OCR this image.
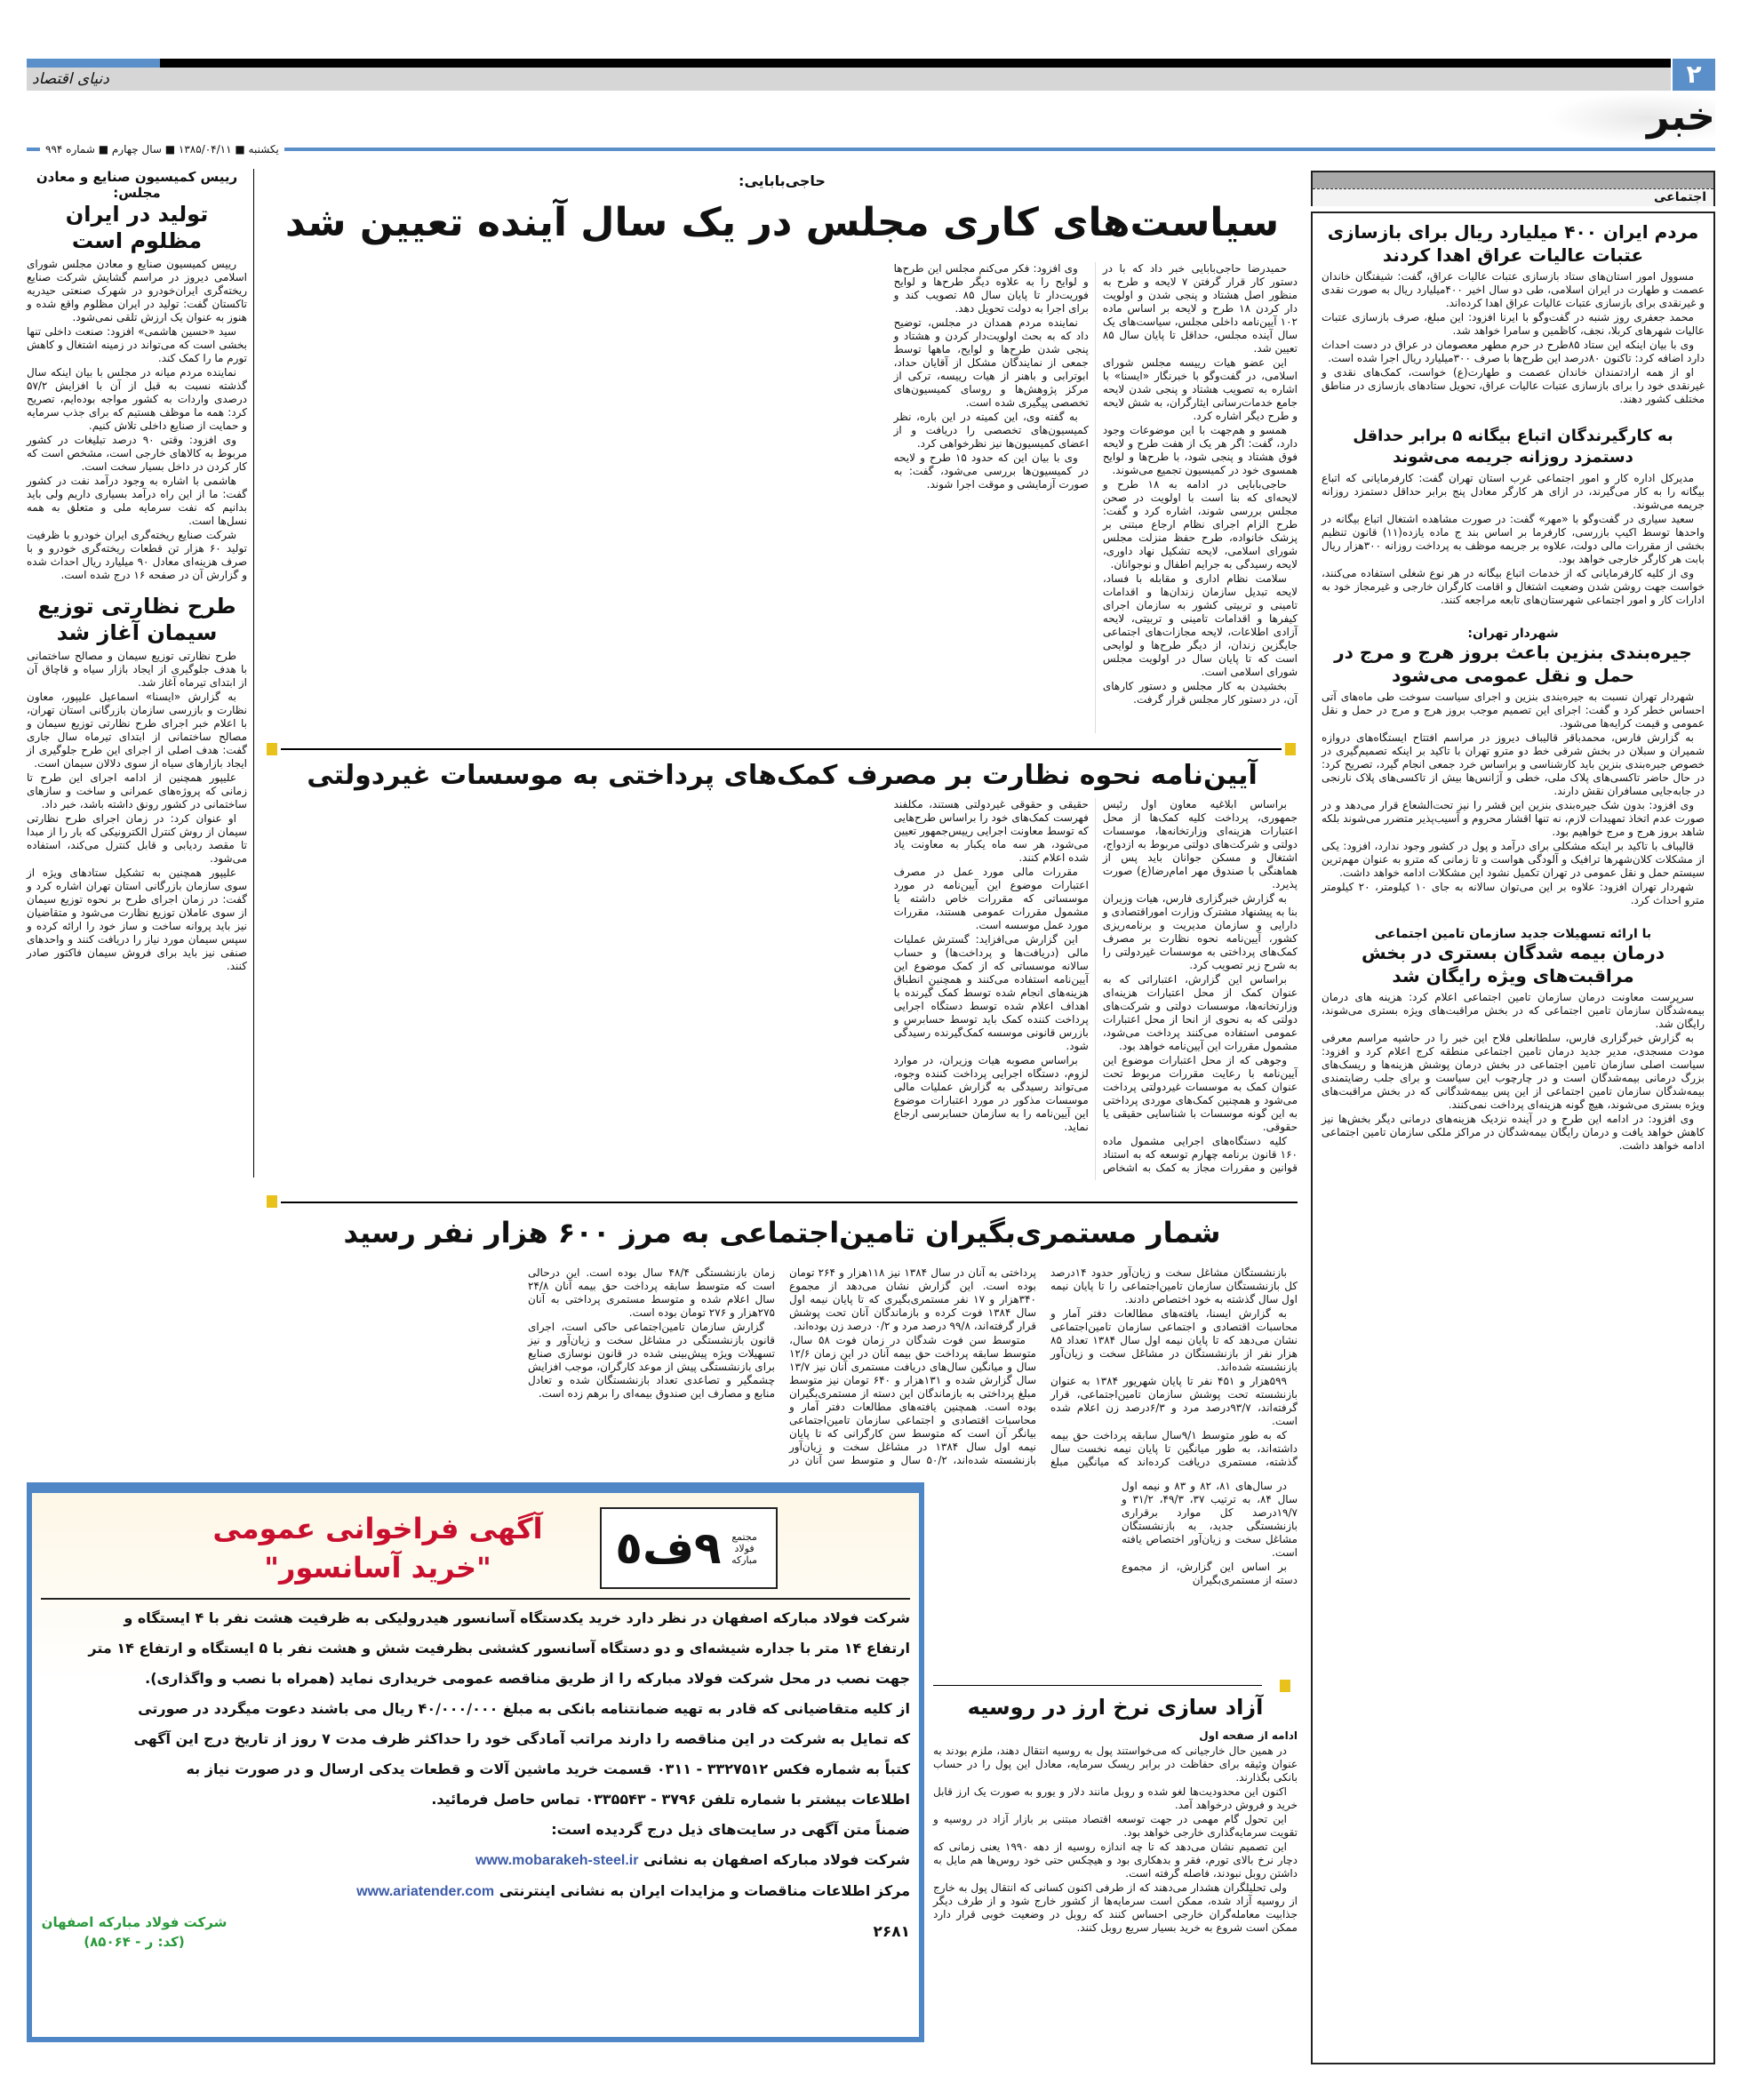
دنیای اقتصاد	۲
خبر
یکشنبه ■ ۱۳۸۵/۰۴/۱۱ ■ سال چهارم ■ شماره ۹۹۴
رییس کمیسیون صنایع و معادن مجلس:
تولید در ایران مظلوم است

رییس کمیسیون صنایع و معادن مجلس شورای اسلامی دیروز در مراسم گشایش شرکت صنایع ریخته‌گری ایران‌خودرو در شهرک صنعتی حیدریه تاکستان گفت: تولید در ایران مظلوم واقع شده و هنوز به عنوان یک ارزش تلقی نمی‌شود.

سید «حسین هاشمی» افزود: صنعت داخلی تنها بخشی است که می‌تواند در زمینه اشتغال و کاهش تورم ما را کمک کند.

نماینده مردم میانه در مجلس با بیان اینکه سال گذشته نسبت به قبل از آن با افزایش ۵۷/۲ درصدی واردات به کشور مواجه بوده‌ایم، تصریح کرد: همه ما موظف هستیم که برای جذب سرمایه و حمایت از صنایع داخلی تلاش کنیم.

وی افزود: وقتی ۹۰ درصد تبلیغات در کشور مربوط به کالاهای خارجی است، مشخص است که کار کردن در داخل بسیار سخت است.

هاشمی با اشاره به وجود درآمد نفت در کشور گفت: ما از این راه درآمد بسیاری داریم ولی باید بدانیم که نفت سرمایه ملی و متعلق به همه نسل‌ها است.

شرکت صنایع ریخته‌گری ایران خودرو با ظرفیت تولید ۶۰ هزار تن قطعات ریخته‌گری خودرو و با صرف هزینه‌ای معادل ۹۰ میلیارد ریال احداث شده و گزارش آن در صفحه ۱۶ درج شده است.

طرح نظارتی توزیع سیمان آغاز شد

طرح نظارتی توزیع سیمان و مصالح ساختمانی با هدف جلوگیری از ایجاد بازار سیاه و قاچاق آن از ابتدای تیرماه آغاز شد.

به گزارش «ایسنا» اسماعیل علیپور، معاون نظارت و بازرسی سازمان بازرگانی استان تهران، با اعلام خبر اجرای طرح نظارتی توزیع سیمان و مصالح ساختمانی از ابتدای تیرماه سال جاری گفت: هدف اصلی از اجرای این طرح جلوگیری از ایجاد بازارهای سیاه از سوی دلالان سیمان است.

علیپور همچنین از ادامه اجرای این طرح تا زمانی که پروژه‌های عمرانی و ساخت و سازهای ساختمانی در کشور رونق داشته باشد، خبر داد.

او عنوان کرد: در زمان اجرای طرح نظارتی سیمان از روش کنترل الکترونیکی که بار را از مبدا تا مقصد ردیابی و قابل کنترل می‌کند، استفاده می‌شود.

علیپور همچنین به تشکیل ستادهای ویژه از سوی سازمان بازرگانی استان تهران اشاره کرد و گفت: در زمان اجرای طرح بر نحوه توزیع سیمان از سوی عاملان توزیع نظارت می‌شود و متقاضیان نیز باید پروانه ساخت و ساز خود را ارائه کرده و سپس سیمان مورد نیاز را دریافت کنند و واحدهای صنفی نیز باید برای فروش سیمان فاکتور صادر کنند.

حاجی‌بابایی:
سیاست‌های کاری مجلس در یک سال آینده تعیین شد

حمیدرضا حاجی‌بابایی خبر داد که با در دستور کار قرار گرفتن ۷ لایحه و طرح به منظور اصل هشتاد و پنجی شدن و اولویت دار کردن ۱۸ طرح و لایحه بر اساس ماده ۱۰۲ آیین‌نامه داخلی مجلس، سیاست‌های یک سال آینده مجلس، حداقل تا پایان سال ۸۵ تعیین شد.

این عضو هیات رییسه مجلس شورای اسلامی، در گفت‌وگو با خبرنگار «ایسنا» با اشاره به تصویب هشتاد و پنجی شدن لایحه جامع خدمات‌رسانی ایثارگران، به شش لایحه و طرح دیگر اشاره کرد.

همسو و هم‌جهت با این موضوعات وجود دارد، گفت: اگر هر یک از هفت طرح و لایحه فوق هشتاد و پنجی شود، با طرح‌ها و لوایح همسوی خود در کمیسیون تجمیع می‌شوند.

حاجی‌بابایی در ادامه به ۱۸ طرح و لایحه‌ای که بنا است با اولویت در صحن مجلس بررسی شوند، اشاره کرد و گفت: طرح الزام اجرای نظام ارجاع مبتنی بر پزشک خانواده، طرح حفظ منزلت مجلس شورای اسلامی، لایحه تشکیل نهاد داوری، لایحه رسیدگی به جرایم اطفال و نوجوانان.

سلامت نظام اداری و مقابله با فساد، لایحه تبدیل سازمان زندان‌ها و اقدامات تامینی و تربیتی کشور به سازمان اجرای کیفرها و اقدامات تامینی و تربیتی، لایحه آزادی اطلاعات، لایحه مجازات‌های اجتماعی جایگزین زندان، از دیگر طرح‌ها و لوایحی است که تا پایان سال در اولویت مجلس شورای اسلامی است.

بخشیدن به کار مجلس و دستور کارهای آن، در دستور کار مجلس قرار گرفت.

وی افزود: فکر می‌کنم مجلس این طرح‌ها و لوایح را به علاوه دیگر طرح‌ها و لوایح فوریت‌دار تا پایان سال ۸۵ تصویب کند و برای اجرا به دولت تحویل دهد.

نماینده مردم همدان در مجلس، توضیح داد که به بحث اولویت‌دار کردن و هشتاد و پنجی شدن طرح‌ها و لوایح، ماهها توسط جمعی از نمایندگان مشکل از آقایان حداد، ابوترابی و باهنر از هیات رییسه، ترکی از مرکز پژوهش‌ها و روسای کمیسیون‌های تخصصی پیگیری شده است.

به گفته وی، این کمیته در این باره، نظر کمیسیون‌های تخصصی را دریافت و از اعضای کمیسیون‌ها نیز نظرخواهی کرد.

وی با بیان این که حدود ۱۵ طرح و لایحه در کمیسیون‌ها بررسی می‌شود، گفت: به صورت آزمایشی و موقت اجرا شوند.

آیین‌نامه نحوه نظارت بر مصرف کمک‌های پرداختی به موسسات غیردولتی

براساس ابلاغیه معاون اول رئیس جمهوری، پرداخت کلیه کمک‌ها از محل اعتبارات هزینه‌ای وزارتخانه‌ها، موسسات دولتی و شرکت‌های دولتی مربوط به ازدواج، اشتغال و مسکن جوانان باید پس از هماهنگی با صندوق مهر امام‌رضا(ع) صورت پذیرد.

به گزارش خبرگزاری فارس، هیات وزیران بنا به پیشنهاد مشترک وزارت اموراقتصادی و دارایی و سازمان مدیریت و برنامه‌ریزی کشور، آیین‌نامه نحوه نظارت بر مصرف کمک‌های پرداختی به موسسات غیردولتی را به شرح زیر تصویب کرد.

براساس این گزارش، اعتباراتی که به عنوان کمک از محل اعتبارات هزینه‌ای وزارتخانه‌ها، موسسات دولتی و شرکت‌های دولتی که به نحوی از انحا از محل اعتبارات عمومی استفاده می‌کنند پرداخت می‌شود، مشمول مقررات این آیین‌نامه خواهد بود.

وجوهی که از محل اعتبارات موضوع این آیین‌نامه با رعایت مقررات مربوط تحت عنوان کمک به موسسات غیردولتی پرداخت می‌شود و همچنین کمک‌های موردی پرداختی به این گونه موسسات با شناسایی حقیقی یا حقوقی.

کلیه دستگاه‌های اجرایی مشمول ماده ۱۶۰ قانون برنامه چهارم توسعه که به استناد قوانین و مقررات مجاز به کمک به اشخاص حقیقی و حقوقی غیردولتی هستند، مکلفند فهرست کمک‌های خود را براساس طرح‌هایی که توسط معاونت اجرایی رییس‌جمهور تعیین می‌شود، هر سه ماه یکبار به معاونت یاد شده اعلام کنند.

مقررات مالی مورد عمل در مصرف اعتبارات موضوع این آیین‌نامه در مورد موسساتی که مقررات خاص داشته یا مشمول مقررات عمومی هستند، مقررات مورد عمل موسسه است.

این گزارش می‌افزاید: گسترش عملیات مالی (دریافت‌ها و پرداخت‌ها) و حساب سالانه موسساتی که از کمک موضوع این آیین‌نامه استفاده می‌کنند و همچنین انطباق هزینه‌های انجام شده توسط کمک گیرنده با اهداف اعلام شده توسط دستگاه اجرایی پرداخت کننده کمک باید توسط حسابرس و بازرس قانونی موسسه کمک‌گیرنده رسیدگی شود.

براساس مصوبه هیات وزیران، در موارد لزوم، دستگاه اجرایی پرداخت کننده وجوه، می‌تواند رسیدگی به گزارش عملیات مالی موسسات مذکور در مورد اعتبارات موضوع این آیین‌نامه را به سازمان حسابرسی ارجاع نماید.

شمار مستمری‌بگیران تامین‌اجتماعی به مرز ۶۰۰ هزار نفر رسید

بازنشستگان مشاغل سخت و زیان‌آور حدود ۱۴درصد کل بازنشستگان سازمان تامین‌اجتماعی را تا پایان نیمه اول سال گذشته به خود اختصاص دادند.

به گزارش ایسنا، یافته‌های مطالعات دفتر آمار و محاسبات اقتصادی و اجتماعی سازمان تامین‌اجتماعی نشان می‌دهد که تا پایان نیمه اول سال ۱۳۸۴ تعداد ۸۵ هزار نفر از بازنشستگان در مشاغل سخت و زیان‌آور بازنشسته شده‌اند.

۵۹۹هزار و ۴۵۱ نفر تا پایان شهریور ۱۳۸۴ به عنوان بازنشسته تحت پوشش سازمان تامین‌اجتماعی، قرار گرفته‌اند، ۹۳/۷درصد مرد و ۶/۳درصد زن اعلام شده است.

که به طور متوسط ۹/۱سال سابقه پرداخت حق بیمه داشته‌اند، به طور میانگین تا پایان نیمه نخست سال گذشته، مستمری دریافت کرده‌اند که میانگین مبلغ پرداختی به آنان در سال ۱۳۸۴ نیز ۱۱۸هزار و ۲۶۴ تومان بوده است. این گزارش نشان می‌دهد از مجموع ۳۴۰هزار و ۱۷ نفر مستمری‌بگیری که تا پایان نیمه اول سال ۱۳۸۴ فوت کرده و بازماندگان آنان تحت پوشش قرار گرفته‌اند، ۹۹/۸ درصد مرد و ۰/۲ درصد زن بوده‌اند.

متوسط سن فوت شدگان در زمان فوت ۵۸ سال، متوسط سابقه پرداخت حق بیمه آنان در این زمان ۱۲/۶ سال و میانگین سال‌های دریافت مستمری آنان نیز ۱۳/۷ سال گزارش شده و ۱۳۱هزار و ۶۴۰ تومان نیز متوسط مبلغ پرداختی به بازماندگان این دسته از مستمری‌بگیران بوده است. همچنین یافته‌های مطالعات دفتر آمار و محاسبات اقتصادی و اجتماعی سازمان تامین‌اجتماعی بیانگر آن است که متوسط سن کارگرانی که تا پایان نیمه اول سال ۱۳۸۴ در مشاغل سخت و زیان‌آور بازنشسته شده‌اند، ۵۰/۲ سال و متوسط سن آنان در زمان بازنشستگی ۴۸/۴ سال بوده است. این درحالی است که متوسط سابقه پرداخت حق بیمه آنان ۲۴/۸ سال اعلام شده و متوسط مستمری پرداختی به آنان ۲۷۵هزار و ۲۷۶ تومان بوده است.

گزارش سازمان تامین‌اجتماعی حاکی است، اجرای قانون بازنشستگی در مشاغل سخت و زیان‌آور و نیز تسهیلات ویژه پیش‌بینی شده در قانون نوسازی صنایع برای بازنشستگی پیش از موعد کارگران، موجب افزایش چشمگیر و تصاعدی تعداد بازنشستگان شده و تعادل منابع و مصارف این صندوق بیمه‌ای را برهم زده است.

در سال‌های ۸۱، ۸۲ و ۸۳ و نیمه اول سال ۸۴، به ترتیب ۳۷، ۴۹/۳، ۳۱/۲ و ۱۹/۷درصد کل موارد برقراری بازنشستگی جدید، به بازنشستگان مشاغل سخت و زیان‌آور اختصاص یافته است.

بر اساس این گزارش، از مجموع دسته از مستمری‌بگیران

آگهی فراخوانی عمومی
"خرید آسانسور"	٩ف٥	مجتمع فولاد مبارکه
شرکت فولاد مبارکه اصفهان در نظر دارد خرید یکدستگاه آسانسور هیدرولیکی به ظرفیت هشت نفر با ۴ ایستگاه و
ارتفاع ۱۴ متر با جداره شیشه‌ای و دو دستگاه آسانسور کششی بظرفیت شش و هشت نفر با ۵ ایستگاه و ارتفاع ۱۴ متر
جهت نصب در محل شرکت فولاد مبارکه را از طریق مناقصه عمومی خریداری نماید (همراه با نصب و واگذاری).
از کلیه متقاضیانی که قادر به تهیه ضمانتنامه بانکی به مبلغ ۴۰/۰۰۰/۰۰۰ ریال می باشند دعوت میگردد در صورتی
که تمایل به شرکت در این مناقصه را دارند مراتب آمادگی خود را حداکثر ظرف مدت ۷ روز از تاریخ درج این آگهی
کتباً به شماره فکس ۳۳۲۷۵۱۲ - ۰۳۱۱ قسمت خرید ماشین آلات و قطعات یدکی ارسال و در صورت نیاز به
اطلاعات بیشتر با شماره تلفن ۳۷۹۶ - ۰۳۳۵۵۴۳ تماس حاصل فرمائید.
ضمناً متن آگهی در سایت‌های ذیل درج گردیده است:
شرکت فولاد مبارکه اصفهان به نشانی www.mobarakeh-steel.ir
مرکز اطلاعات مناقصات و مزایدات ایران به نشانی اینترنتی www.ariatender.com
شرکت فولاد مبارکه اصفهان
(کد: ر - ۸۵۰۶۴)
۲۶۸۱
آزاد سازی نرخ ارز در روسیه
ادامه از صفحه اول

در همین حال خارجیانی که می‌خواستند پول به روسیه انتقال دهند، ملزم بودند به عنوان وثیقه برای حفاظت در برابر ریسک سرمایه، معادل این پول را در حساب بانکی بگذارند.

اکنون این محدودیت‌ها لغو شده و روبل مانند دلار و یورو به صورت یک ارز قابل خرید و فروش درخواهد آمد.

این تحول گام مهمی در جهت توسعه اقتصاد مبتنی بر بازار آزاد در روسیه و تقویت سرمایه‌گذاری خارجی خواهد بود.

این تصمیم نشان می‌دهد که تا چه اندازه روسیه از دهه ۱۹۹۰ یعنی زمانی که دچار نرخ بالای تورم، فقر و بدهکاری بود و هیچکس حتی خود روس‌ها هم مایل به داشتن روبل نبودند، فاصله گرفته است.

ولی تحلیلگران هشدار می‌دهند که از طرفی اکنون کسانی که انتقال پول به خارج از روسیه آزاد شده، ممکن است سرمایه‌ها از کشور خارج شود و از طرف دیگر جذابیت معامله‌گران خارجی احساس کنند که روبل در وضعیت خوبی قرار دارد ممکن است شروع به خرید بسیار سریع روبل کنند.

اجتماعی
مردم ایران ۴۰۰ میلیارد ریال برای بازسازی عتبات عالیات عراق اهدا کردند

مسوول امور استان‌های ستاد بازسازی عتبات عالیات عراق، گفت: شیفتگان خاندان عصمت و طهارت در ایران اسلامی، طی دو سال اخیر ۴۰۰میلیارد ریال به صورت نقدی و غیرنقدی برای بازسازی عتبات عالیات عراق اهدا کرده‌اند.

محمد جعفری روز شنبه در گفت‌وگو با ایرنا افزود: این مبلغ، صرف بازسازی عتبات عالیات شهرهای کربلا، نجف، کاظمین و سامرا خواهد شد.

وی با بیان اینکه این ستاد ۸۵طرح در حرم مطهر معصومان در عراق در دست احداث دارد اضافه کرد: تاکنون ۸۰درصد این طرح‌ها با صرف ۳۰۰میلیارد ریال اجرا شده است.

او از همه ارادتمندان خاندان عصمت و طهارت(ع) خواست، کمک‌های نقدی و غیرنقدی خود را برای بازسازی عتبات عالیات عراق، تحویل ستادهای بازسازی در مناطق مختلف کشور دهند.

به کارگیرندگان اتباع بیگانه ۵ برابر حداقل دستمزد روزانه جریمه می‌شوند

مدیرکل اداره کار و امور اجتماعی غرب استان تهران گفت: کارفرمایانی که اتباع بیگانه را به کار می‌گیرند، در ازای هر کارگر معادل پنج برابر حداقل دستمزد روزانه جریمه می‌شوند.

سعید سیاری در گفت‌وگو با «مهر» گفت: در صورت مشاهده اشتغال اتباع بیگانه در واحدها توسط اکیپ بازرسی، کارفرما بر اساس بند ج ماده یازده(۱۱) قانون تنظیم بخشی از مقررات مالی دولت، علاوه بر جریمه موظف به پرداخت روزانه ۳۰۰هزار ریال بابت هر کارگر خارجی خواهد بود.

وی از کلیه کارفرمایانی که از خدمات اتباع بیگانه در هر نوع شغلی استفاده می‌کنند، خواست جهت روشن شدن وضعیت اشتغال و اقامت کارگران خارجی و غیرمجاز خود به ادارات کار و امور اجتماعی شهرستان‌های تابعه مراجعه کنند.

شهردار تهران:
جیره‌بندی بنزین باعث بروز هرج و مرج در حمل و نقل عمومی می‌شود

شهردار تهران نسبت به جیره‌بندی بنزین و اجرای سیاست سوخت طی ماه‌های آتی احساس خطر کرد و گفت: اجرای این تصمیم موجب بروز هرج و مرج در حمل و نقل عمومی و قیمت کرایه‌ها می‌شود.

به گزارش فارس، محمدباقر قالیباف دیروز در مراسم افتتاح ایستگاه‌های دروازه شمیران و سبلان در بخش شرقی خط دو مترو تهران با تاکید بر اینکه تصمیم‌گیری در خصوص جیره‌بندی بنزین باید کارشناسی و براساس خرد جمعی انجام گیرد، تصریح کرد: در حال حاضر تاکسی‌های پلاک ملی، خطی و آژانس‌ها بیش از تاکسی‌های پلاک نارنجی در جابه‌جایی مسافران نقش دارند.

وی افزود: بدون شک جیره‌بندی بنزین این قشر را نیز تحت‌الشعاع قرار می‌دهد و در صورت عدم اتخاذ تمهیدات لازم، نه تنها اقشار محروم و آسیب‌پذیر متضرر می‌شوند بلکه شاهد بروز هرج و مرج خواهیم بود.

قالیباف با تاکید بر اینکه مشکلی برای درآمد و پول در کشور وجود ندارد، افزود: یکی از مشکلات کلان‌شهرها ترافیک و آلودگی هواست و تا زمانی که مترو به عنوان مهم‌ترین سیستم حمل و نقل عمومی در تهران تکمیل نشود این مشکلات ادامه خواهد داشت.

شهردار تهران افزود: علاوه بر این می‌توان سالانه به جای ۱۰ کیلومتر، ۲۰ کیلومتر مترو احداث کرد.

با ارائه تسهیلات جدید سازمان تامین اجتماعی
درمان بیمه شدگان بستری در بخش مراقبت‌های ویژه رایگان شد

سرپرست معاونت درمان سازمان تامین اجتماعی اعلام کرد: هزینه های درمان بیمه‌شدگان سازمان تامین اجتماعی که در بخش مراقبت‌های ویژه بستری می‌شوند، رایگان شد.

به گزارش خبرگزاری فارس، سلطانعلی فلاح این خبر را در حاشیه مراسم معرفی مودت مسجدی، مدیر جدید درمان تامین اجتماعی منطقه کرج اعلام کرد و افزود: سیاست اصلی سازمان تامین اجتماعی در بخش درمان پوشش هزینه‌ها و ریسک‌های بزرگ درمانی بیمه‌شدگان است و در چارچوب این سیاست و برای جلب رضایتمندی بیمه‌شدگان سازمان تامین اجتماعی از این پس بیمه‌شدگانی که در بخش مراقبت‌های ویژه بستری می‌شوند، هیچ گونه هزینه‌ای پرداخت نمی‌کنند.

وی افزود: در ادامه این طرح و در آینده نزدیک هزینه‌های درمانی دیگر بخش‌ها نیز کاهش خواهد یافت و درمان رایگان بیمه‌شدگان در مراکز ملکی سازمان تامین اجتماعی ادامه خواهد داشت.
